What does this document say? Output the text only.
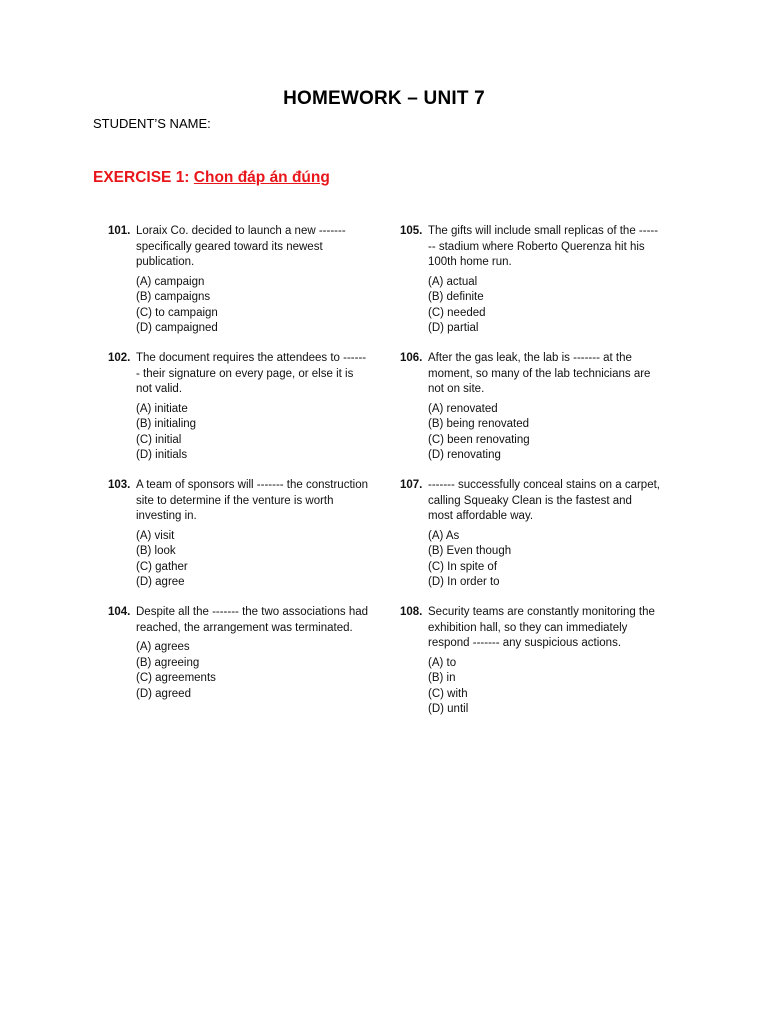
HOMEWORK – UNIT 7
STUDENT’S NAME:
EXERCISE 1: Chon đáp án đúng
101. Loraix Co. decided to launch a new ------- specifically geared toward its newest publication.

(A) campaign
(B) campaigns
(C) to campaign
(D) campaigned
102. The document requires the attendees to ------- their signature on every page, or else it is not valid.

(A) initiate
(B) initialing
(C) initial
(D) initials
103. A team of sponsors will ------- the construction site to determine if the venture is worth investing in.

(A) visit
(B) look
(C) gather
(D) agree
104. Despite all the ------- the two associations had reached, the arrangement was terminated.

(A) agrees
(B) agreeing
(C) agreements
(D) agreed
105. The gifts will include small replicas of the ------- stadium where Roberto Querenza hit his 100th home run.

(A) actual
(B) definite
(C) needed
(D) partial
106. After the gas leak, the lab is ------- at the moment, so many of the lab technicians are not on site.

(A) renovated
(B) being renovated
(C) been renovating
(D) renovating
107. ------- successfully conceal stains on a carpet, calling Squeaky Clean is the fastest and most affordable way.

(A) As
(B) Even though
(C) In spite of
(D) In order to
108. Security teams are constantly monitoring the exhibition hall, so they can immediately respond ------- any suspicious actions.

(A) to
(B) in
(C) with
(D) until
